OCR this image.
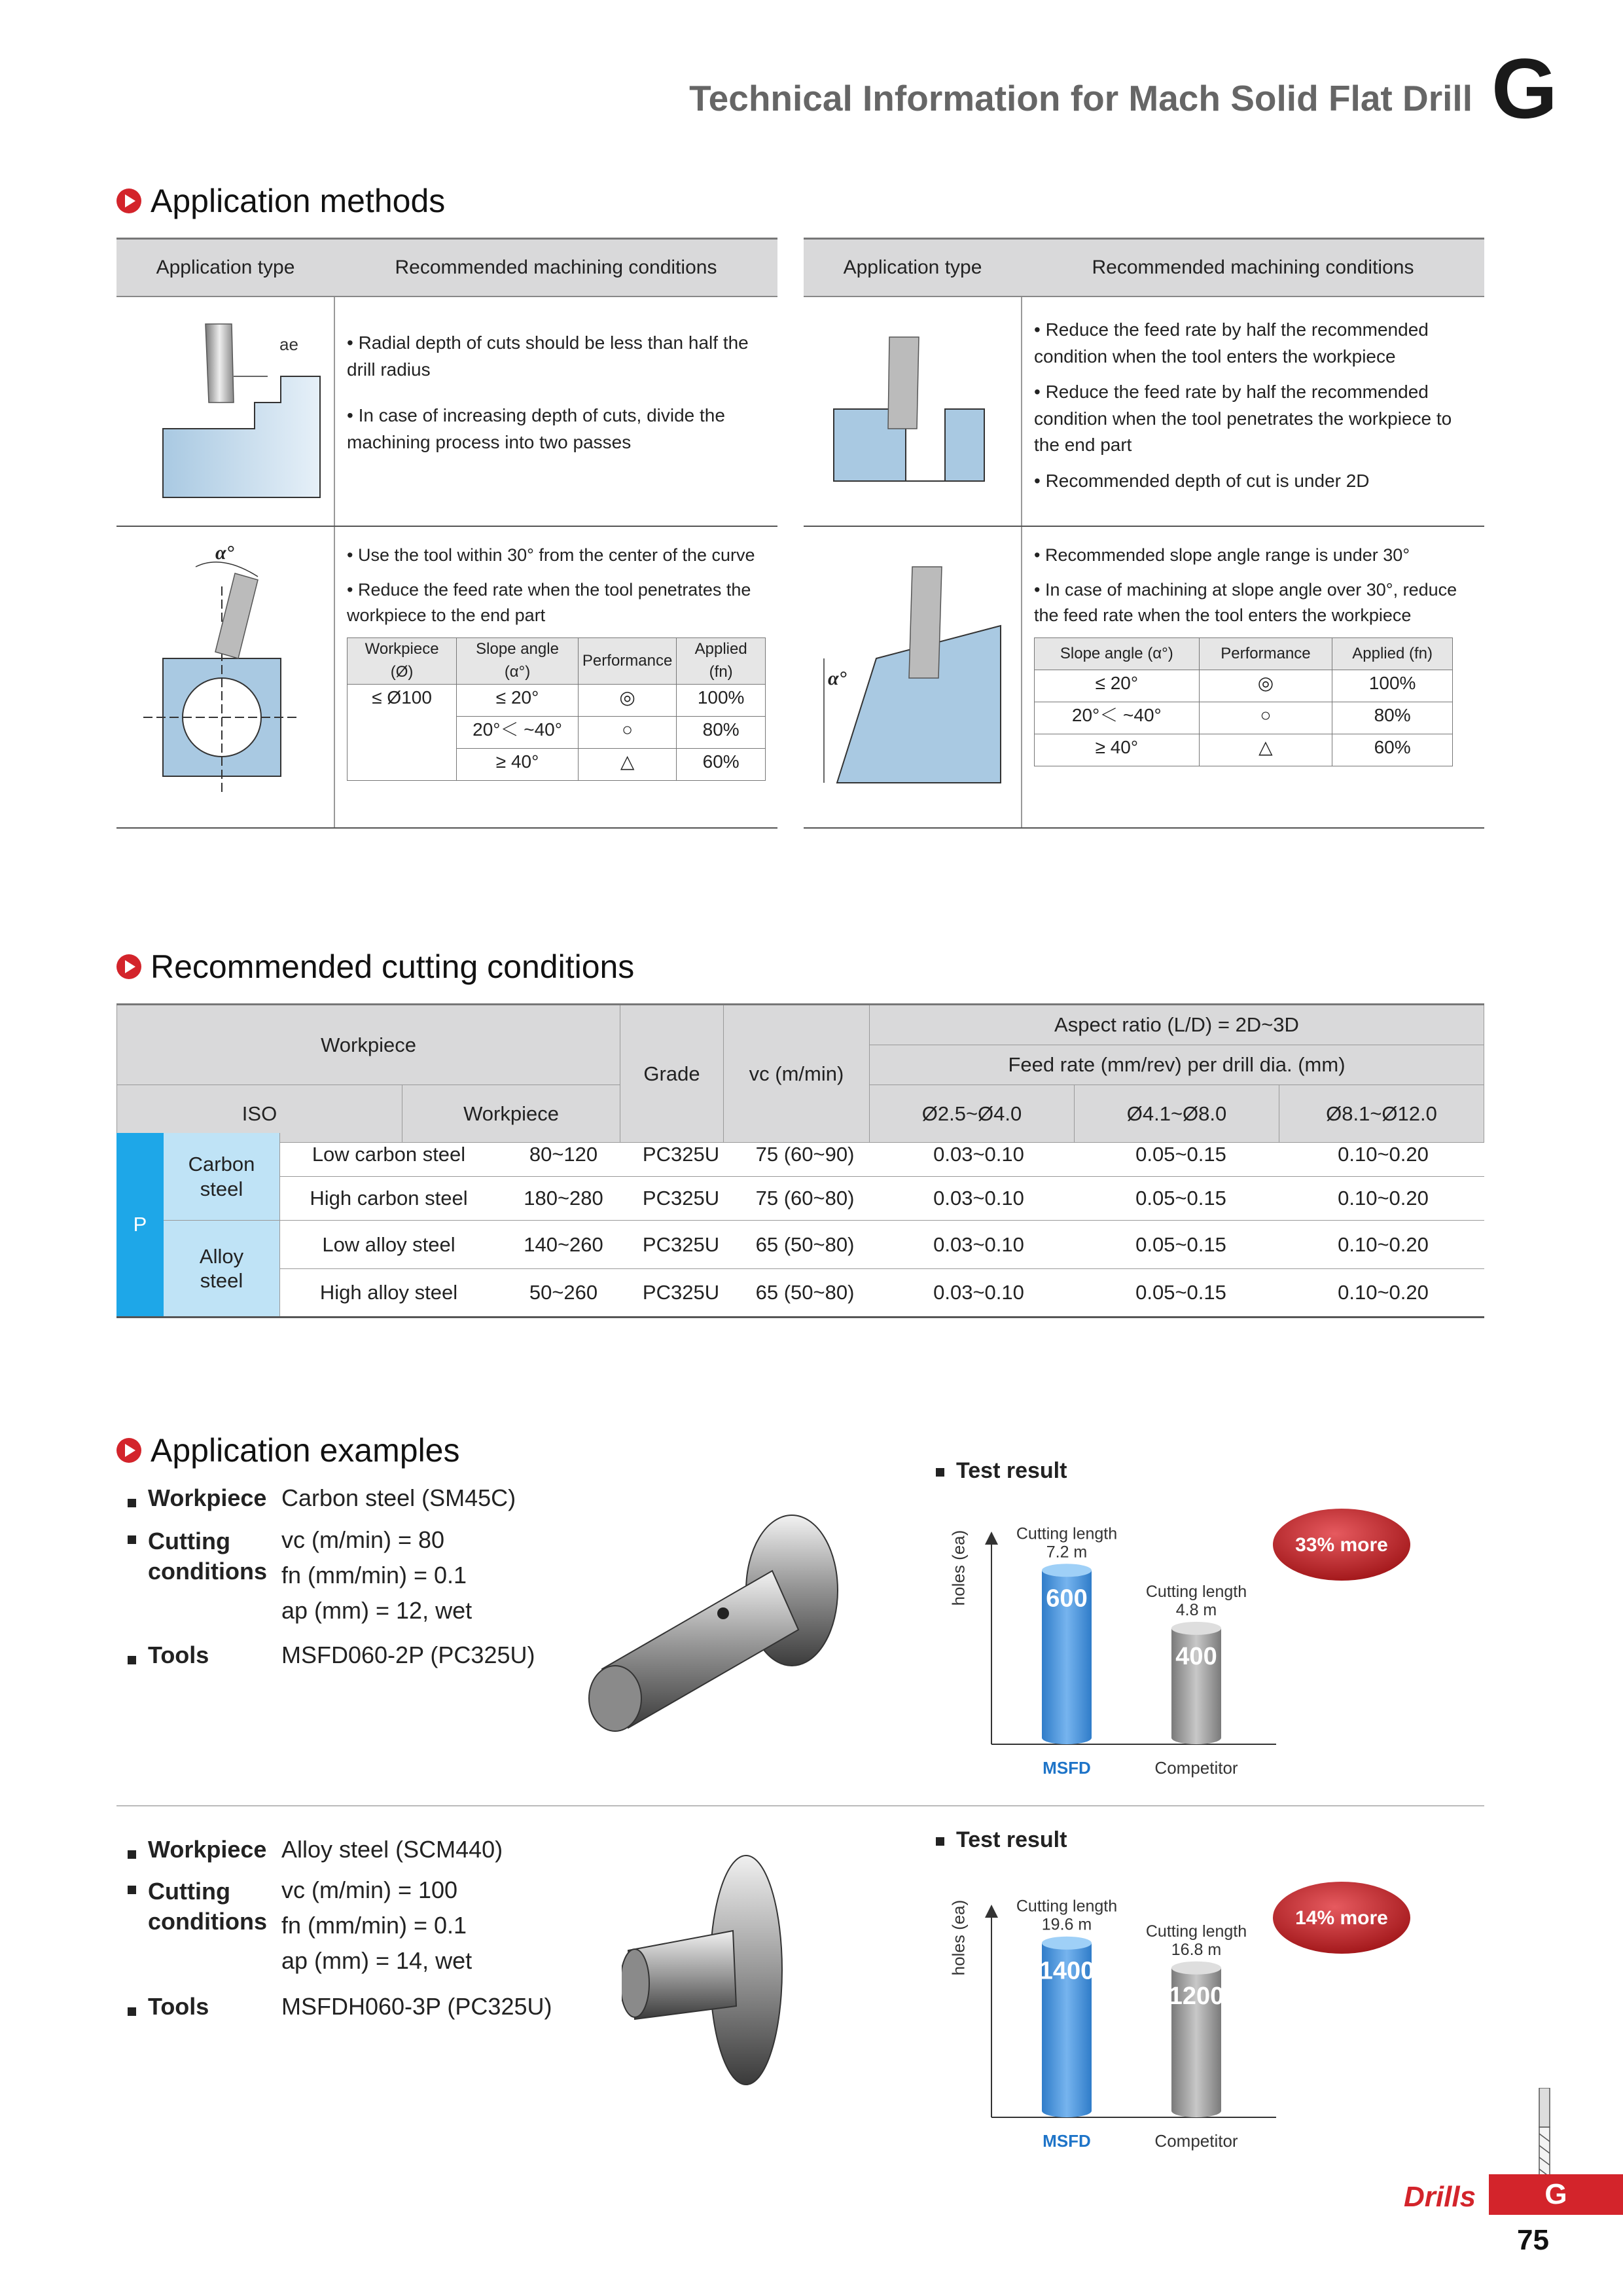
Technical Information for Mach Solid Flat Drill G
Application methods
Application type	Recommended machining conditions

ae	• Radial depth of cuts should be less than half the drill radius
• In case of increasing depth of cuts, divide the machining process into two passes

α°	• Use the tool within 30° from the center of the curve
• Reduce the feed rate when the tool penetrates the workpiece to the end part
Workpiece (Ø)	Slope angle (α°)	Performance	Applied (fn)
≤ Ø100	≤ 20°	◎	100%
20°＜ ~40°	○	80%
≥ 40°	△	60%
Application type	Recommended machining conditions

• Reduce the feed rate by half the recommended condition when the tool enters the workpiece
• Reduce the feed rate by half the recommended condition when the tool penetrates the workpiece to the end part
• Recommended depth of cut is under 2D

α°

• Recommended slope angle range is under 30°
• In case of machining at slope angle over 30°, reduce the feed rate when the tool enters the workpiece
Slope angle (α°)	Performance	Applied (fn)
≤ 20°	◎	100%
20°＜ ~40°	○	80%
≥ 40°	△	60%
Recommended cutting conditions
Workpiece		Grade	vc (m/min)	Aspect ratio (L/D) = 2D~3D		
				Feed rate (mm/rev) per drill dia. (mm)		
ISO	Workpiece			Ø2.5~Ø4.0	Ø4.1~Ø8.0	Ø8.1~Ø12.0
P	Carbon steel	Low carbon steel	80~120	PC325U	75 (60~90)	0.03~0.10	0.05~0.15	0.10~0.20
		High carbon steel	180~280	PC325U	75 (60~80)	0.03~0.10	0.05~0.15	0.10~0.20

	Alloy steel	Low alloy steel	140~260	PC325U	65 (50~80)	0.03~0.10	0.05~0.15	0.10~0.20
		High alloy steel	50~260	PC325U	65 (50~80)	0.03~0.10	0.05~0.15	0.10~0.20
Application examples
Workpiece Carbon steel (SM45C)
Cutting conditions
vc (m/min) = 80
fn (mm/min) = 0.1
ap (mm) = 12, wet
Tools	MSFD060-2P (PC325U)
Test result
holes (ea)	600
400
Cutting length 7.2 m
Cutting length 4.8 m
33% more
MSFD	Competitor
Workpiece Alloy steel (SCM440)
Cutting conditions
vc (m/min) = 100
fn (mm/min) = 0.1
ap (mm) = 14, wet
Tools	MSFDH060-3P (PC325U)
Test result
holes (ea)	1400
1200
Cutting length 19.6 m	Cutting length 16.8 m
14% more
MSFD	Competitor
Drills	G
75
